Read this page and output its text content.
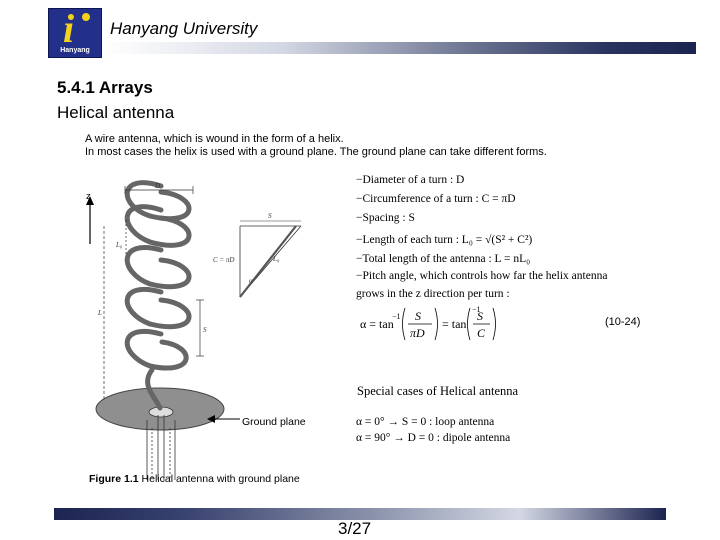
i
Hanyang
Hanyang University
5.4.1 Arrays
Helical antenna
A wire antenna, which is wound in the form of a helix.
In most cases the helix is used with a ground plane. The ground plane can take different forms.
z
D
L₀
L
S
S
C = πD	L₀
α
α = tan
−1 S
πD
= tan
−1
S
C
−Diameter of a turn : D
−Circumference of a turn : C = πD
−Spacing : S
−Length of each turn : L₀ = √(S² + C²)
−Total length of the antenna : L = nL₀
−Pitch angle, which controls how far the helix antenna
grows in the z direction per turn :
(10-24)
Special cases of Helical antenna
α = 0° → S = 0 : loop antenna
α = 90° → D = 0 : dipole antenna
Ground plane
Figure 1.1 Helical antenna with ground plane
3/27
